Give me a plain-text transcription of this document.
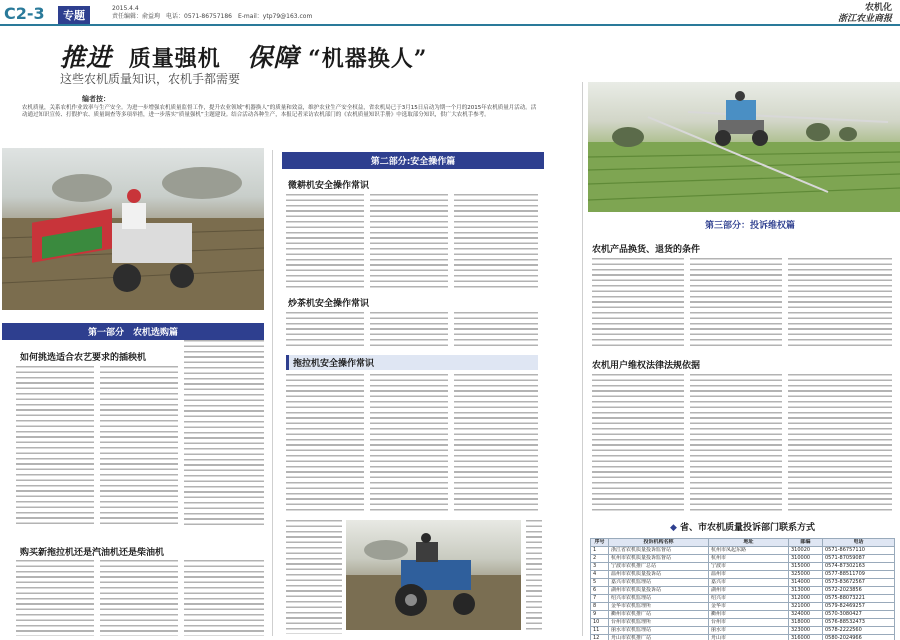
C2-3	专题
2015.4.4
责任编辑：俞益珣　电话：0571-86757186　E-mail：ytp79@163.com
农机化
浙江农业商报
推进 质量强机 保障 “机器换人”
这些农机质量知识，农机手都需要
编者按：
农机质量，关系农机作业效率与生产安全。为进一步增强农机质量监督工作，提升农业领域“机器换人”的质量和效益，维护农业生产安全权益，省农机局已于3月15日启动为期一个月的2015年农机质量月活动。活动通过知识宣传、打假护农、质量调查等多项举措，进一步落实“质量强机”主题建设。结合活动各种生产，本报记者采访农机部门的《农机质量知识手册》中选取部分知识，供广大农机手参考。
第一部分　农机选购篇
如何挑选适合农艺要求的插秧机
购买新拖拉机还是汽油机还是柴油机
第二部分:安全操作篇
微耕机安全操作常识
炒茶机安全操作常识
拖拉机安全操作常识
第三部分：投诉维权篇
农机产品换货、退货的条件
农机用户维权法律法规依据
◆ 省、市农机质量投诉部门联系方式
序号	投诉机构名称	地址	邮编	电话
1	浙江省农机质量投诉监督站	杭州市凤起东路	310020	0571-86757110
2	杭州市农机质量投诉监督站	杭州市	310000	0571-87059087
3	宁波市农机推广总站	宁波市	315000	0574-87302163
4	温州市农机质量投诉站	温州市	325000	0577-88511709
5	嘉兴市农机监理站	嘉兴市	314000	0573-83672567
6	湖州市农机质量投诉站	湖州市	313000	0572-2023856
7	绍兴市农机监理站	绍兴市	312000	0575-88073221
8	金华市农机监理所	金华市	321000	0579-82469257
9	衢州市农机推广站	衢州市	324000	0570-3080427
10	台州市农机监理所	台州市	318000	0576-88532473
11	丽水市农机监理站	丽水市	323000	0578-2222560
12	舟山市农机推广站	舟山市	316000	0580-2024966
